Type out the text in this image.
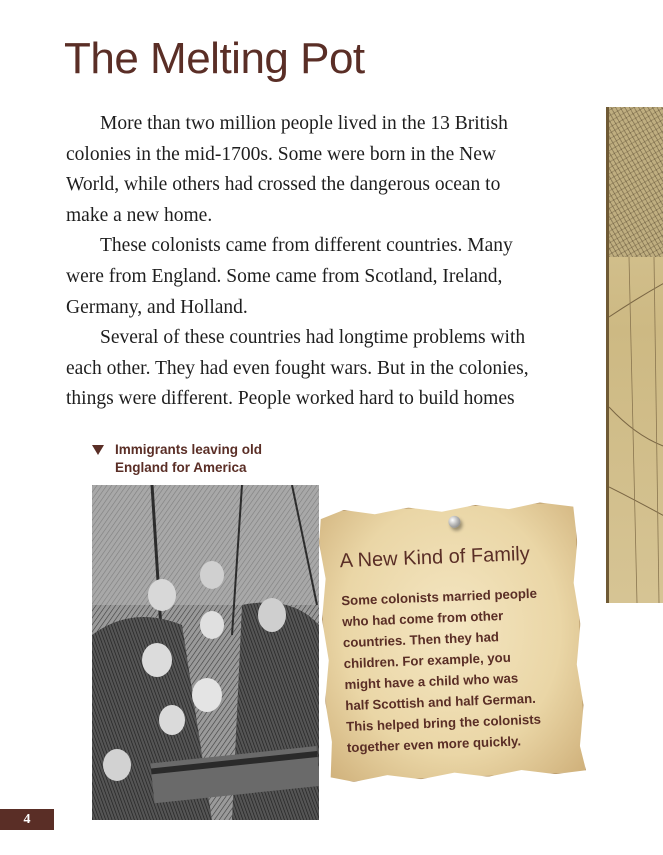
The Melting Pot

More than two million people lived in the 13 British
colonies in the mid-1700s. Some were born in the New
World, while others had crossed the dangerous ocean to
make a new home.

These colonists came from different countries. Many
were from England. Some came from Scotland, Ireland,
Germany, and Holland.

Several of these countries had longtime problems with
each other. They had even fought wars. But in the colonies,
things were different. People worked hard to build homes

Immigrants leaving old
England for America
A New Kind of Family
Some colonists married people
who had come from other
countries. Then they had
children. For example, you
might have a child who was
half Scottish and half German.
This helped bring the colonists
together even more quickly.
4
